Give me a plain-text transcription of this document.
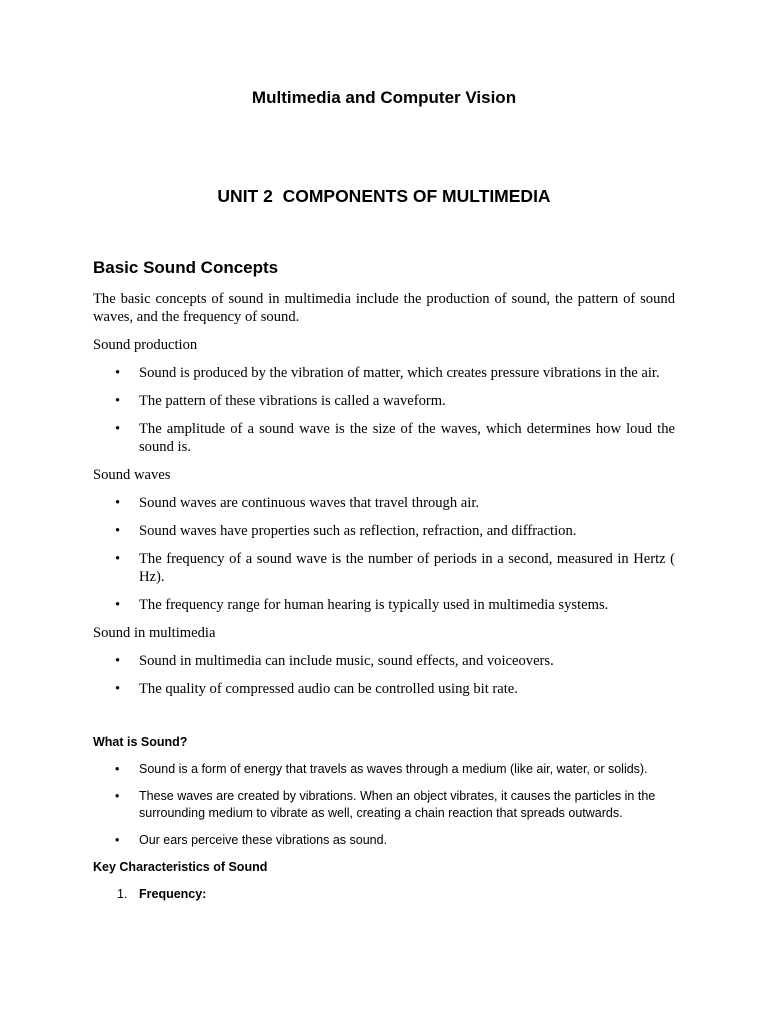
Multimedia and Computer Vision
UNIT 2  COMPONENTS OF MULTIMEDIA
Basic Sound Concepts

The basic concepts of sound in multimedia include the production of sound, the pattern of sound waves, and the frequency of sound.

Sound production

• Sound is produced by the vibration of matter, which creates pressure vibrations in the air.
• The pattern of these vibrations is called a waveform.
• The amplitude of a sound wave is the size of the waves, which determines how loud the sound is.

Sound waves

• Sound waves are continuous waves that travel through air.
• Sound waves have properties such as reflection, refraction, and diffraction.
• The frequency of a sound wave is the number of periods in a second, measured in Hertz ( Hz).
• The frequency range for human hearing is typically used in multimedia systems.

Sound in multimedia

• Sound in multimedia can include music, sound effects, and voiceovers.
• The quality of compressed audio can be controlled using bit rate.

What is Sound?

• Sound is a form of energy that travels as waves through a medium (like air, water, or solids).
• These waves are created by vibrations. When an object vibrates, it causes the particles in the surrounding medium to vibrate as well, creating a chain reaction that spreads outwards.
• Our ears perceive these vibrations as sound.

Key Characteristics of Sound

1. Frequency:
